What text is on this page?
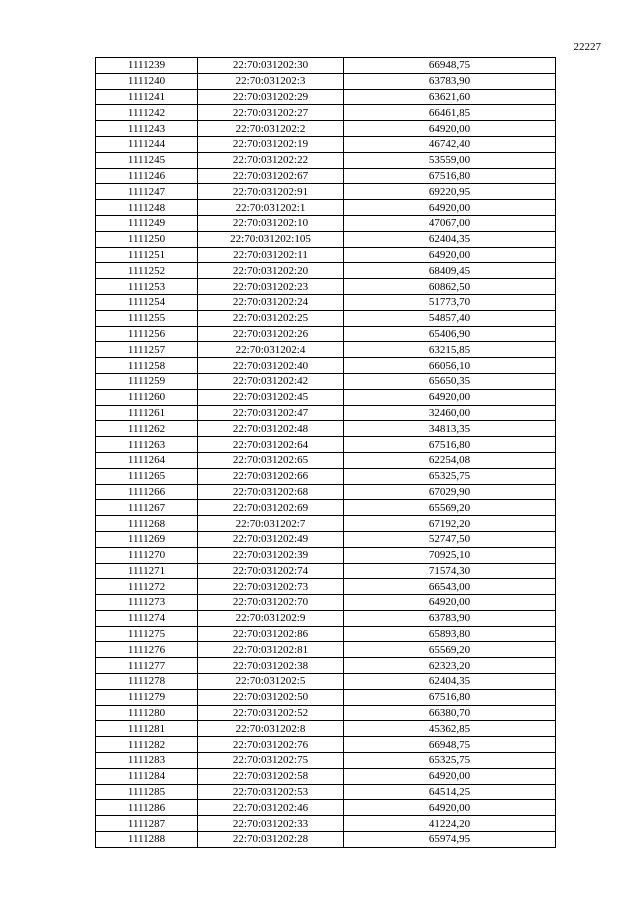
22227
1111239	22:70:031202:30	66948,75
1111240	22:70:031202:3	63783,90
1111241	22:70:031202:29	63621,60
1111242	22:70:031202:27	66461,85
1111243	22:70:031202:2	64920,00
1111244	22:70:031202:19	46742,40
1111245	22:70:031202:22	53559,00
1111246	22:70:031202:67	67516,80
1111247	22:70:031202:91	69220,95
1111248	22:70:031202:1	64920,00
1111249	22:70:031202:10	47067,00
1111250	22:70:031202:105	62404,35
1111251	22:70:031202:11	64920,00
1111252	22:70:031202:20	68409,45
1111253	22:70:031202:23	60862,50
1111254	22:70:031202:24	51773,70
1111255	22:70:031202:25	54857,40
1111256	22:70:031202:26	65406,90
1111257	22:70:031202:4	63215,85
1111258	22:70:031202:40	66056,10
1111259	22:70:031202:42	65650,35
1111260	22:70:031202:45	64920,00
1111261	22:70:031202:47	32460,00
1111262	22:70:031202:48	34813,35
1111263	22:70:031202:64	67516,80
1111264	22:70:031202:65	62254,08
1111265	22:70:031202:66	65325,75
1111266	22:70:031202:68	67029,90
1111267	22:70:031202:69	65569,20
1111268	22:70:031202:7	67192,20
1111269	22:70:031202:49	52747,50
1111270	22:70:031202:39	70925,10
1111271	22:70:031202:74	71574,30
1111272	22:70:031202:73	66543,00
1111273	22:70:031202:70	64920,00
1111274	22:70:031202:9	63783,90
1111275	22:70:031202:86	65893,80
1111276	22:70:031202:81	65569,20
1111277	22:70:031202:38	62323,20
1111278	22:70:031202:5	62404,35
1111279	22:70:031202:50	67516,80
1111280	22:70:031202:52	66380,70
1111281	22:70:031202:8	45362,85
1111282	22:70:031202:76	66948,75
1111283	22:70:031202:75	65325,75
1111284	22:70:031202:58	64920,00
1111285	22:70:031202:53	64514,25
1111286	22:70:031202:46	64920,00
1111287	22:70:031202:33	41224,20
1111288	22:70:031202:28	65974,95
